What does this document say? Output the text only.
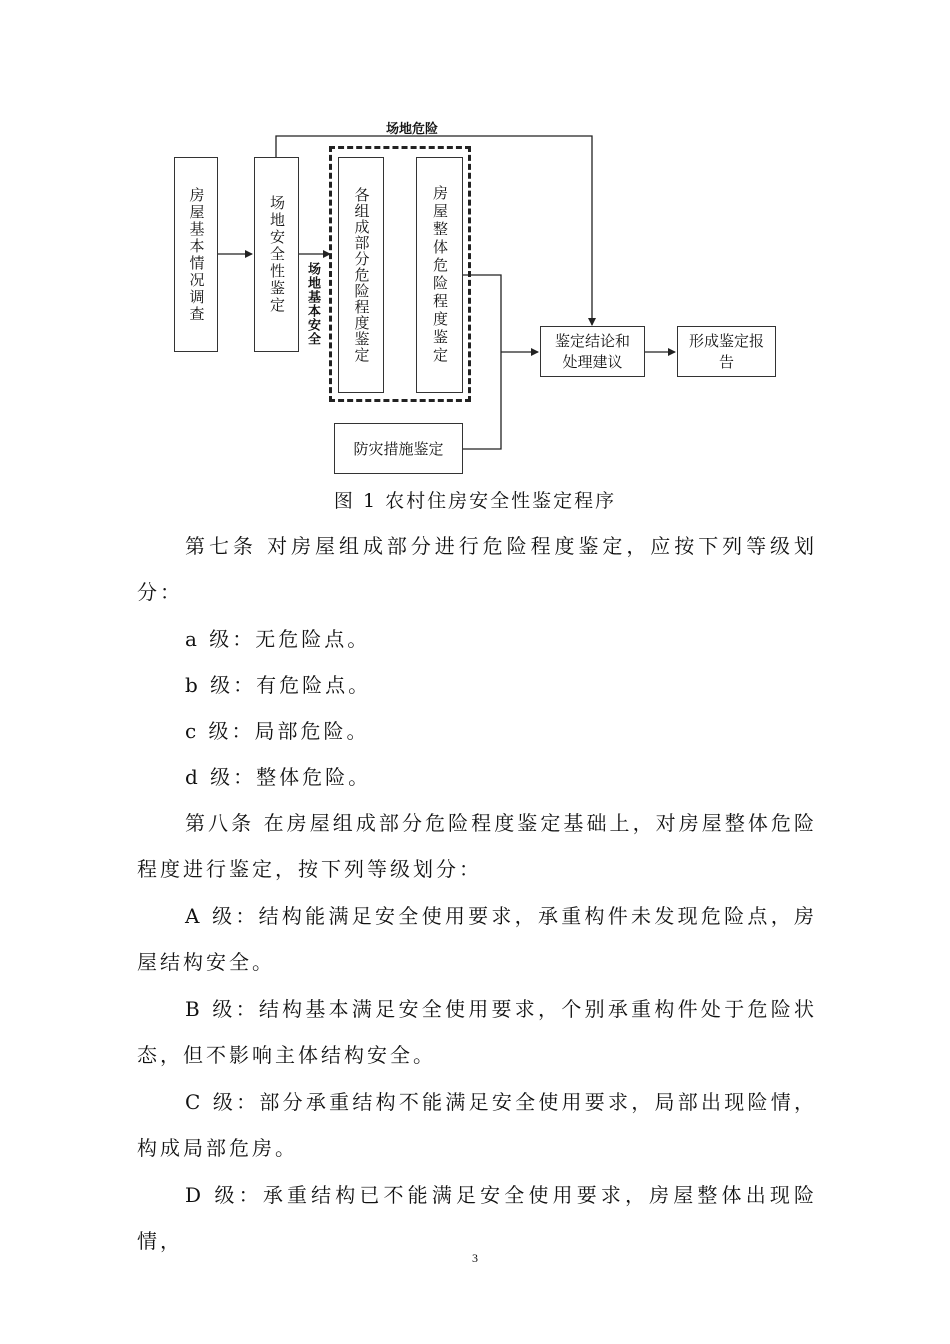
房屋基本情况调查	场地安全性鉴定	各组成部分危险程度鉴定	房屋整体危险程度鉴定	鉴定结论和处理建议
形成鉴定报告
防灾措施鉴定
场地危险
场地基本安全
图 1 农村住房安全性鉴定程序

第七条 对房屋组成部分进行危险程度鉴定，应按下列等级划分：

a 级：无危险点。

b 级：有危险点。

c 级：局部危险。

d 级：整体危险。

第八条 在房屋组成部分危险程度鉴定基础上，对房屋整体危险程度进行鉴定，按下列等级划分：

A 级：结构能满足安全使用要求，承重构件未发现危险点，房屋结构安全。

B 级：结构基本满足安全使用要求，个别承重构件处于危险状态，但不影响主体结构安全。

C 级：部分承重结构不能满足安全使用要求，局部出现险情，构成局部危房。

D 级：承重结构已不能满足安全使用要求，房屋整体出现险情，

3
